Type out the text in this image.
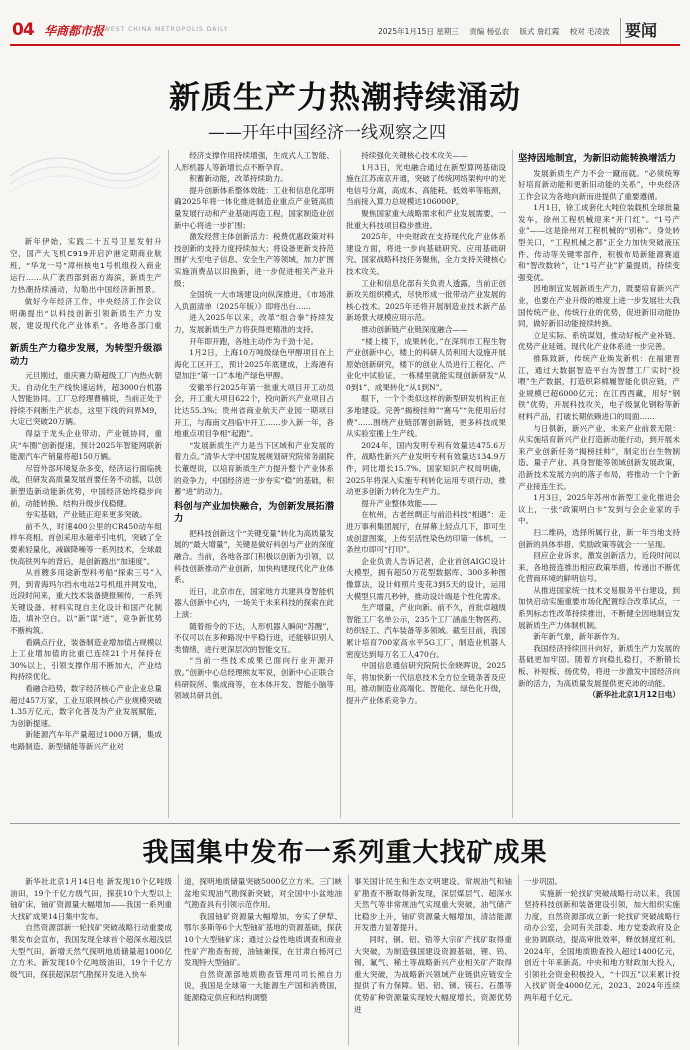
04 华商都市报 WEST CHINA METROPOLIS DAILY	2025年1月15日 星期三 责编 杨弘农 版式 詹红霞 校对 毛凌波 要闻
新质生产力热潮持续涌动
——开年中国经济一线观察之四

新年伊始，实践二十五号卫星发射升空，国产大飞机C919开启沪港定期商业航班，“华龙一号”漳州核电1号机组投入商业运行……从广袤西部到南方海滨，新质生产力热潮持续涌动，勾勒出中国经济新图景。

做好今年经济工作，中央经济工作会议明确提出“以科技创新引领新质生产力发展，建设现代化产业体系”。各地各部门重

新质生产力稳步发展，为转型升级添动力

元旦刚过，重庆赛力斯超级工厂内热火朝天。自动化生产线快速运转，超3000台机器人智能协同。工厂总经理曹楠说，当前正处于持续不间断生产状态，这里下线的问界M9，大定已突破20万辆。

得益于龙头企业带动、产业链协同，重庆“车圈”创新提速，预计2025年智能网联新能源汽车产销量将超150万辆。

尽管外部环境复杂多变，经济运行面临挑战，但研发高质量发展首要任务不动摇，以创新塑造新动能新优势，中国经济始终稳步向前，动能转换、结构升级步伐稳健。

夯实基础，产业链正迎来更多突破。

前不久，时速400公里的CR450动车组样车亮相。首创采用永磁牵引电机，突破了全要素轻量化，减碳降噪等一系列技术，全球最快高铁列车的背后，是创新跑出“加速度”。

从首艘多用途新型科考船“探索三号”入列，到青海玛尔挡水电站2号机组并网发电，近段时间来，重大技术装备捷报频传，一系列关键设备、材料实现自主化设计和国产化制造，填补空白。以“新”谋“进”，竞争新优势不断构筑。

看蹒点行业，装备制造业增加值占规模以上工业增加值的比重已连续21个月保持在30%以上，引领支撑作用不断加大，产业结构持续优化。

看融合趋势，数字经济核心产业企业总量超过457万家，工业互联网核心产业规模突破1.35万亿元，数字化普及为产业发展赋能，为创新提速。

新能源汽车年产量超过1000万辆，集成电路制造、新型储能等新兴产业对

经济支撑作用持续增强，生成式人工智能、人形机器人等新增长点不断孕育。

积蓄新动能，改革持续助力。

提升创新体系整体效能：工业和信息化部明确2025年将一体化推进制造业重点产业链高质量发展行动和产业基础再造工程，国家制造业创新中心将进一步扩围；

激发经营主体创新活力：税费优惠政策对科技创新的支持力度持续加大；将设备更新支持范围扩大至电子信息、安全生产等领域，加力扩围实施消费品以旧换新，进一步促进相关产业升级；

全国统一大市场建设向纵深推进，《市场准入负面清单（2025年版）》即将出台……

进入2025年以来，改革“组合拳”持续发力，发展新质生产力将获得更精准的支持。

开年即开跑，各地主动作为千劲十足。

1月2日，上海10万吨级绿色甲醇项目在上海化工区开工，预计2025年底建成，上海港有望加注“第一口”本地产绿色甲醇。

安徽举行2025年第一批重大项目开工动员会，开工重大项目622个，投向新兴产业项目占比达55.3%；贵州省商业航天产业园一期项目开工，与海南文昌临中开工……步入新一年，各地重点项目争相“起跑”。

“发展新质生产力是当下区域和产业发展的着力点。”清华大学中国发展规划研究院常务副院长董煜说，以培育新质生产力提升整个产业体系的竞争力，中国经济进一步夯实“稳”的基础，积蓄“进”的动力。

科创与产业加快融合，为创新发展拓潜力

把科技创新这个“关键变量”转化为高质量发展的“最大增量”，关键是做好科创与产业的深度融合。当前，各地各部门积极以创新为引领，以科技创新推动产业创新，加快构建现代化产业体系。

近日，北京市在，国家地方共建具身智能机器人创新中心内，一场关于未来科技的探索在此上演：

随着指令的下达，人形机器人瞬间“苏醒”，不仅可以在多种路况中平稳行进，还能够识别人类情绪，进行更深层次的智能交互。

“当前一些技术成果已面向行业开源开放。”创新中心总经理熊友军说，创新中心正联合科研院所、集成商等，在本体开发、智能小脑等领域共研共创。

持续强化关键核心技术攻关——

1月3日，光电融合通过在新型算网基础设施在江苏南京开通，突破了传统网络架构中的光电信号分离，高成本、高能耗、低效率等瓶颈，当前接入算力总规模达106000P。

聚焦国家重大战略需求和产业发展需要，一批重大科技项目稳步推进。

2025年，中央财政在支持现代化产业体系建设方面，将进一步向基础研究、应用基础研究、国家战略科技任务聚焦，全力支持关键核心技术攻关。

工业和信息化部有关负责人透露，当前正创新攻关组织模式，尽快形成一批带动产业发展的核心技术。2025年还将开展制造业技术新产品新场景大规模应用示范。

推动创新链产业链深度融合——

“楼上楼下，成果转化。”在深圳市工程生物产业创新中心，楼上的科研人员利用大设施开展原始创新研究，楼下的创业人员进行工程化、产业化中试验证，一栋楼里就能实现创新研发“从0到1”、成果转化“从1到N”。

眼下，一个个类似这样的新型研发机构正在多地建设。完善“揭榜挂帅”“赛马”“先使用后付费”……围绕产业链部署创新链，更多科技成果从实验室搬上生产线。

2024年，国内发明专利有效量达475.6万件，战略性新兴产业发明专利有效量达134.9万件，同比增长15.7%。国家知识产权局明确，2025年将深入实施专利转化运用专项行动，推动更多创新力转化为生产力。

提升产业整体效能——

在杭州，古老丝绸正与前沿科技“相遇”：走进万事利集团展厅，在屏幕上轻点几下，即可生成创意图案，上传至活性染色纺印第一体机，一条丝巾即可“打印”。

企业负责人告诉记者，企业首创AIGC设计大模型，拥有超50万花型数据库、300多种图像算法，设计师照片变花3到5天的设计，运用大模型只需几秒钟，推动设计端是个性化需求。

生产增量，产业向新。前不久，首批卓越级智能工厂名单公示，235个工厂涵盖生物医药、纺织轻工、汽车装备等多领域。截至目前，我国累计培育700家高水平5G工厂，制造业机器人密度达到每万名工人470台。

中国信息通信研究院院长余晓晖说，2025年，将加快新一代信息技术全方位全链条普及应用，推动制造业高端化、智能化、绿色化升级，提升产业体系竞争力。

坚持因地制宜，为新旧动能转换增活力

发展新质生产力不会一蹴而就。“必须统筹好培育新动能和更新旧动能的关系”，中央经济工作会议为各地向新而进提供了重要遵循。

1月1日，徐工成套化大吨位装载机全球批量发车，徐州工程机械迎来“开门红”。“1号产业”——这是徐州对工程机械的“别称”。身处转型关口，“工程机械之都”正全力加快突破液压件、传动等关键零部件，积极布局新能源赛道和“智改数转”，让“1号产业”扩量提质，持续变强变优。

因地制宜发展新质生产力，既要培育新兴产业，也要在产业升级的维度上进一步发展壮大我国传统产业、传统行业的优势，促进新旧动能协同，做好新旧动能接续转换。

立足实际、系统谋划，推动好板产业补链、优势产业延链、现代化产业体系进一步完善。

推陈致新，传统产业焕发新机：在福建晋江，通过大数据智造平台为智慧工厂实时“投喂”生产数据，打造织彩棉履智能化供应链，产业规模已超6000亿元；在江西西藏，用好“钢铁”优势，开展科技攻关，电子级氯化钢粉等新材料产品，打破长期依赖进口的局面……

与日俱新，新兴产业、未来产业前景无限：从实施培育新兴产业打造新动能行动，到开展未来产业创新任务“揭榜挂帅”，制定出台生物制造、量子产业、具身智能等领域创新发展政策，沿新技术发展方向的落子布局，将推动一个个新产业接连生长。

1月3日，2025年苏州市新型工业化推进会议上，一张“政策明白卡”发到与会企业家的手中。

扫二维码，选择所属行业，新一年当地支持创新的具体举措、奖励政策等就会一一呈现。

回应企业诉求，激发创新活力，近段时间以来，各地接连推出相应政策举措，传递出不断优化营商环境的鲜明信号。

从推进国家统一技术交易服务平台建设，到加快启动实施重要市场化配置综合改革试点，一系列标志性改革持续推出，不断健全因地制宜发展新质生产力体制机制。

新年新气象，新年新作为。

我国经济持续回升向好，新质生产力发展的基础更加牢固。随着方向稳扎稳打，不断锻长板、补短板、扬优势，将进一步激发中国经济向新的活力，为高质量发展提供更充沛的动能。

（新华社北京1月12日电）
我国集中发布一系列重大找矿成果

新华社北京1月14日电 新发现10个亿吨级油田，19个千亿方级气田，探获10个大型以上铀矿床，铀矿资源量大幅增加——我国一系列重大找矿成果14日集中发布。

自然资源部新一轮找矿突破战略行动重要成果发布会宣布，我国发现全球首个超深水超浅层大型气田，新增天然气探明地质储量超1000亿立方米。新发现10个亿吨级油田，19个千亿方级气田，探获超深层气勘探开发进入快车

道，探明地质储量突破5000亿立方米。三门峡盆地实现油气勘探新突破，对全国中小盆地油气勘查具有引领示范作用。

我国铀矿资源量大幅增加，夯实了伊犁、鄂尔多斯等6个大型铀矿基地的资源基础，探获10个大型铀矿床；通过公益性地质调查和商业性矿产勘查衔接，油铀兼探，在甘肃白杨河已发现特大型铀矿。

自然资源部地质勘查管理司司长熊自力说，我国是全球第一大能源生产国和消费国，能源稳定供应和结构调整

事关国计民生和生态文明建设。常规油气和铀矿勘查不断取得新发现，深层煤层气、超深水天然气等非常规油气实现重大突破，油气储产比稳步上升，铀矿资源量大幅增加，清洁能源开发潜力显著提升。

同时，铜、铝、锆等大宗矿产找矿取得重大突破，为制造强国建设资源基础，锂、钨、锡、氟气、稀土等战略新兴产业相关矿产取得重大突破，为战略新兴领域产业链供应链安全提供了有力保障。铝、铝、锑、镁石、石墨等优势矿种资源量实现较大幅度增长，资源优势进

一步巩固。

实施新一轮找矿突破战略行动以来，我国坚持科技创新和装备建设引领，加大组织实施力度，自然资源部成立新一轮找矿突破战略行动办公室，会同有关部委、地方党委政府及企业协调联动，提高审批效率，释放制度红利。2024年，全国地质勘查投入超过1400亿元，创近十年来新高。中央和地方财政加大投入，引领社会资金积极投入，“十四五”以来累计投入找矿资金4000亿元，2023、2024年连续两年超千亿元。
